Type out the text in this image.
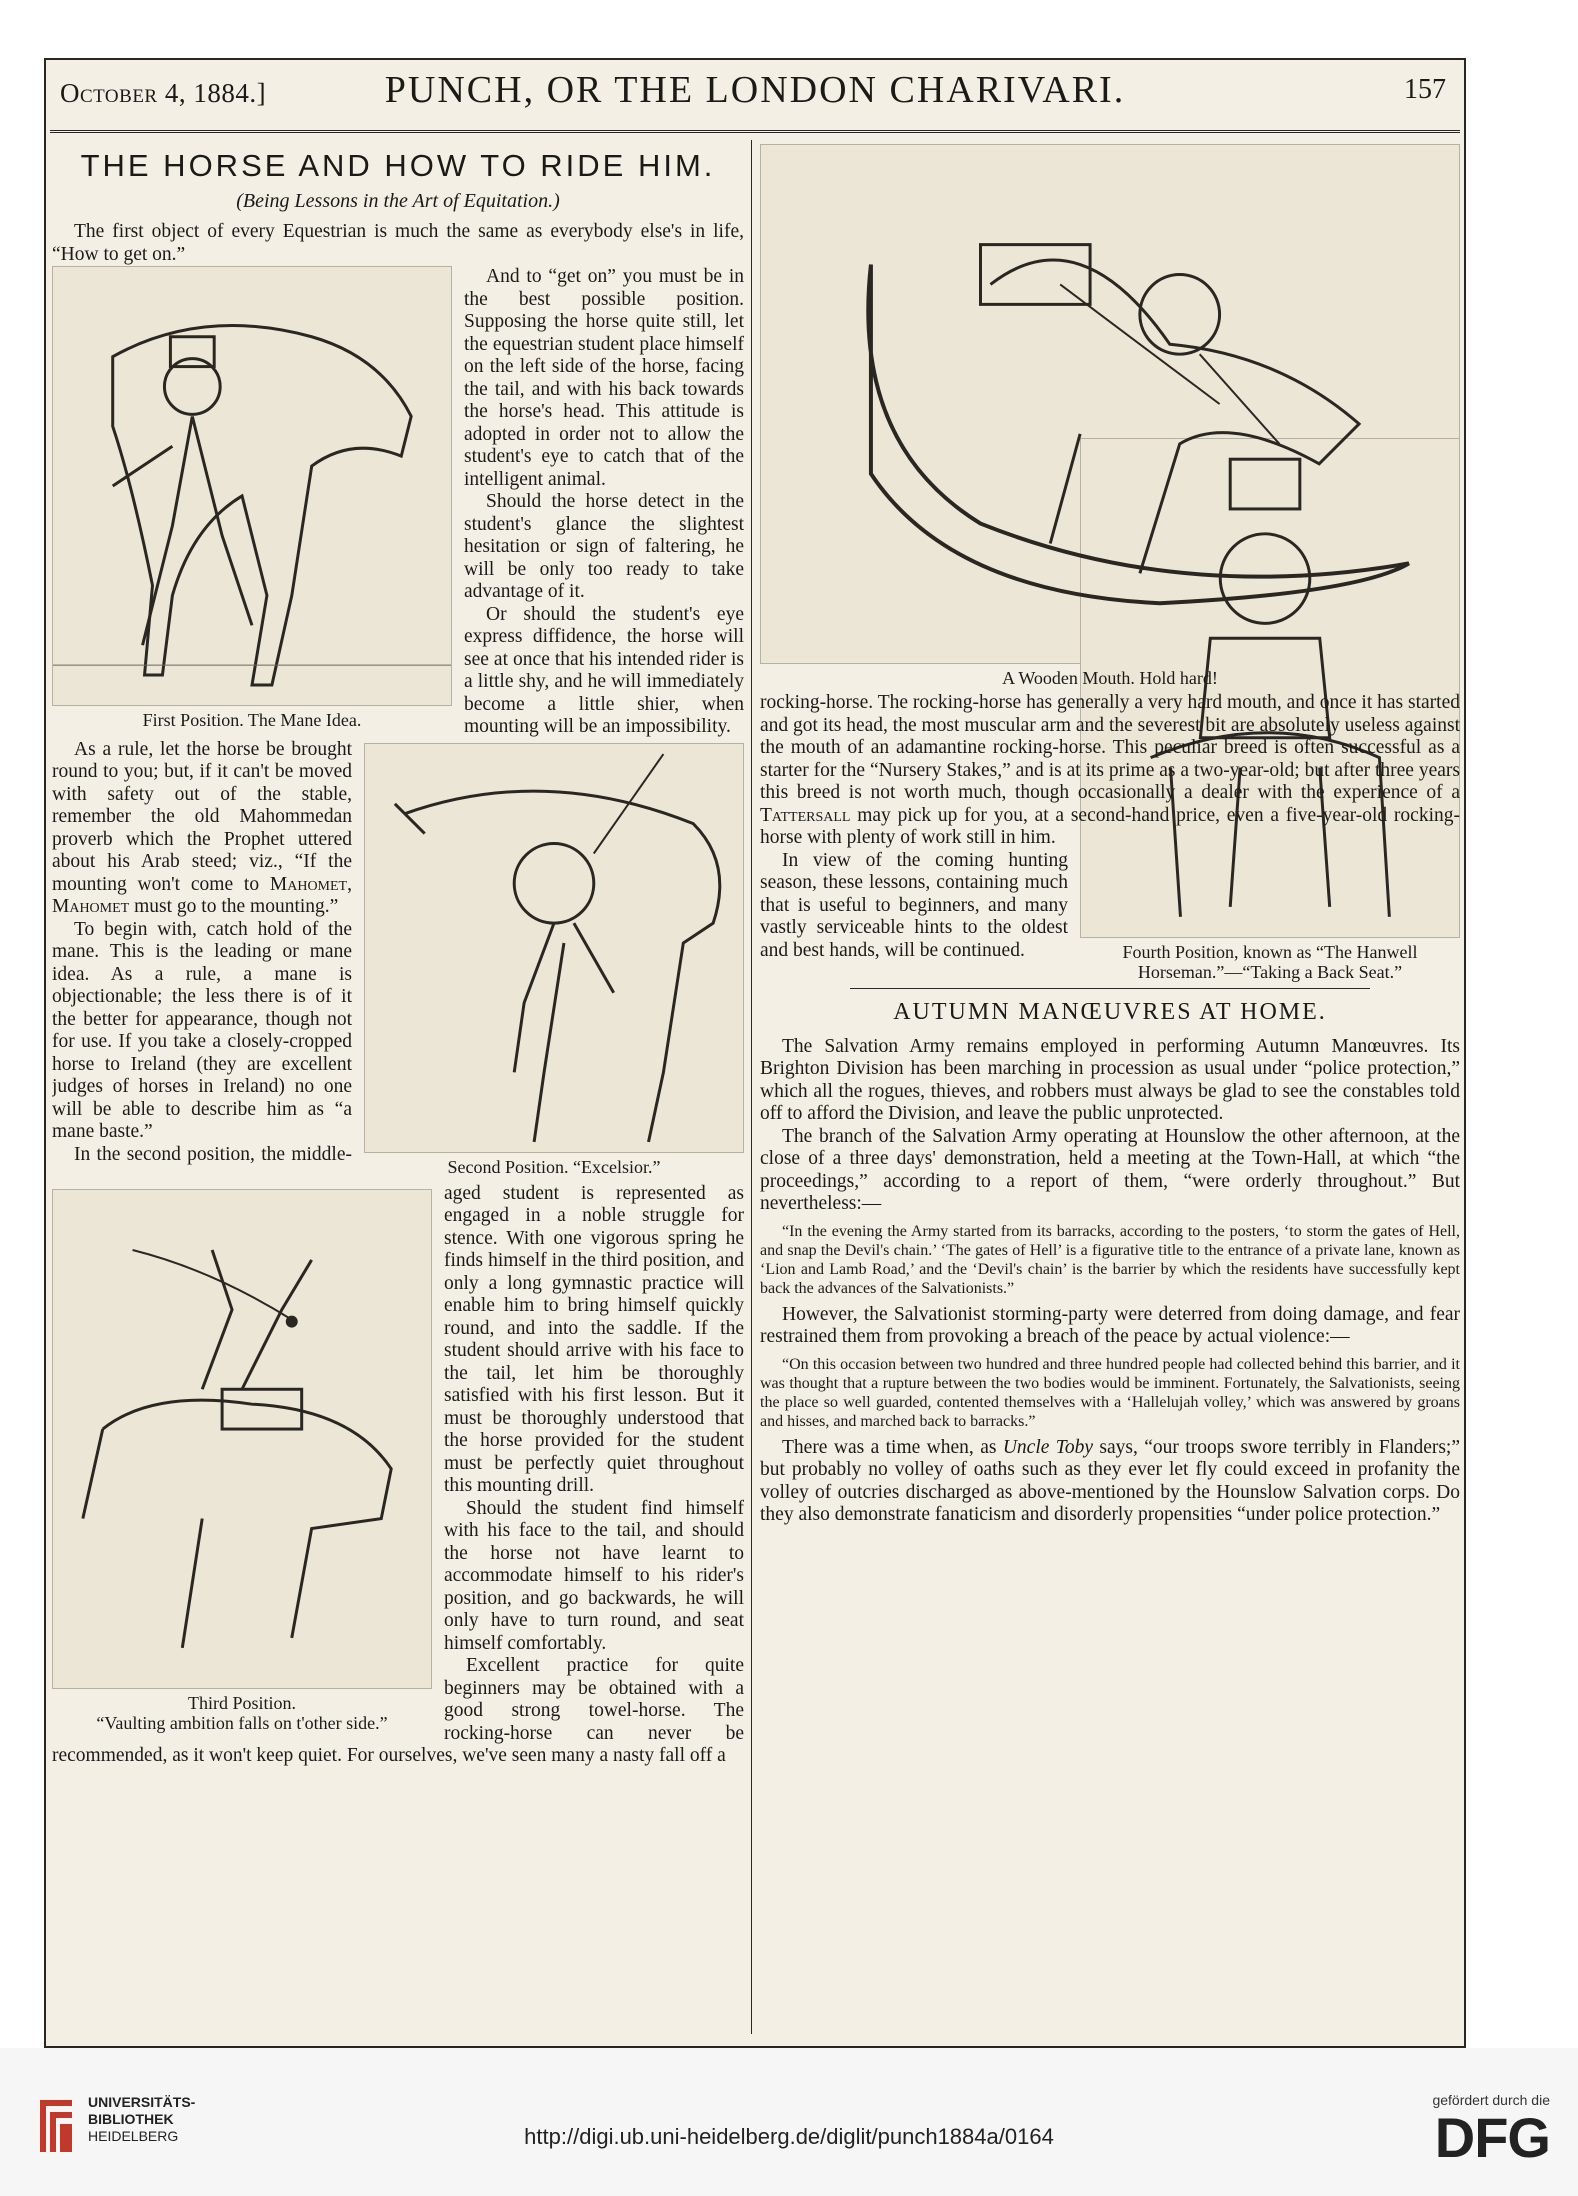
October 4, 1884.]	PUNCH, OR THE LONDON CHARIVARI.	157
THE HORSE AND HOW TO RIDE HIM.
(Being Lessons in the Art of Equitation.)

The first object of every Equestrian is much the same as everybody else's in life, “How to get on.”

First Position. The Mane Idea.

And to “get on” you must be in the best possible position. Supposing the horse quite still, let the equestrian student place himself on the left side of the horse, facing the tail, and with his back towards the horse's head. This attitude is adopted in order not to allow the student's eye to catch that of the intelligent animal.

Should the horse detect in the student's glance the slightest hesitation or sign of faltering, he will be only too ready to take advantage of it.

Or should the student's eye express diffidence, the horse will see at once that his intended rider is a little shy, and he will immediately become a little shier, when mounting will be an impossibility.

Second Position. “Excelsior.”

As a rule, let the horse be brought round to you; but, if it can't be moved with safety out of the stable, remember the old Mahommedan proverb which the Prophet uttered about his Arab steed; viz., “If the mounting won't come to Mahomet, Mahomet must go to the mounting.”

To begin with, catch hold of the mane. This is the leading or mane idea. As a rule, a mane is objectionable; the less there is of it the better for appearance, though not for use. If you take a closely-cropped horse to Ireland (they are excellent judges of horses in Ireland) no one will be able to describe him as “a mane baste.”

Third Position.
“Vaulting ambition falls on t'other side.”

In the second position, the middle-aged student is represented as engaged in a noble struggle for stence. With one vigorous spring he finds himself in the third position, and only a long gymnastic practice will enable him to bring himself quickly round, and into the saddle. If the student should arrive with his face to the tail, let him be thoroughly satisfied with his first lesson. But it must be thoroughly understood that the horse provided for the student must be perfectly quiet throughout this mounting drill.

Should the student find himself with his face to the tail, and should the horse not have learnt to accommodate himself to his rider's position, and go backwards, he will only have to turn round, and seat himself comfortably.

Excellent practice for quite beginners may be obtained with a good strong towel-horse. The rocking-horse can never be recommended, as it won't keep quiet. For ourselves, we've seen many a nasty fall off a

A Wooden Mouth. Hold hard!

rocking-horse. The rocking-horse has generally a very hard mouth, and once it has started and got its head, the most muscular arm and the severest bit are absolutely useless against the mouth of an adamantine rocking-horse. This peculiar breed is often successful as a starter for the “Nursery Stakes,” and is at its prime as a two-year-old; but after three years this breed is not worth much, though occasionally a dealer with the experience of a Tattersall may pick up for you, at a second-hand price, even a five-year-old rocking-horse with plenty of work still in him.

Fourth Position, known as “The Hanwell
Horseman.”—“Taking a Back Seat.”

In view of the coming hunting season, these lessons, containing much that is useful to beginners, and many vastly serviceable hints to the oldest and best hands, will be continued.

AUTUMN MANŒUVRES AT HOME.

The Salvation Army remains employed in performing Autumn Manœuvres. Its Brighton Division has been marching in procession as usual under “police protection,” which all the rogues, thieves, and robbers must always be glad to see the constables told off to afford the Division, and leave the public unprotected.

The branch of the Salvation Army operating at Hounslow the other afternoon, at the close of a three days' demonstration, held a meeting at the Town-Hall, at which “the proceedings,” according to a report of them, “were orderly throughout.” But nevertheless:—

“In the evening the Army started from its barracks, according to the posters, ‘to storm the gates of Hell, and snap the Devil's chain.’ ‘The gates of Hell’ is a figurative title to the entrance of a private lane, known as ‘Lion and Lamb Road,’ and the ‘Devil's chain’ is the barrier by which the residents have successfully kept back the advances of the Salvationists.”

However, the Salvationist storming-party were deterred from doing damage, and fear restrained them from provoking a breach of the peace by actual violence:—

“On this occasion between two hundred and three hundred people had collected behind this barrier, and it was thought that a rupture between the two bodies would be imminent. Fortunately, the Salvationists, seeing the place so well guarded, contented themselves with a ‘Hallelujah volley,’ which was answered by groans and hisses, and marched back to barracks.”

There was a time when, as Uncle Toby says, “our troops swore terribly in Flanders;” but probably no volley of oaths such as they ever let fly could exceed in profanity the volley of outcries discharged as above-mentioned by the Hounslow Salvation corps. Do they also demonstrate fanaticism and disorderly propensities “under police protection.”

UNIVERSITÄTS-
BIBLIOTHEK
HEIDELBERG	http://digi.ub.uni-heidelberg.de/diglit/punch1884a/0164
gefördert durch die
DFG
